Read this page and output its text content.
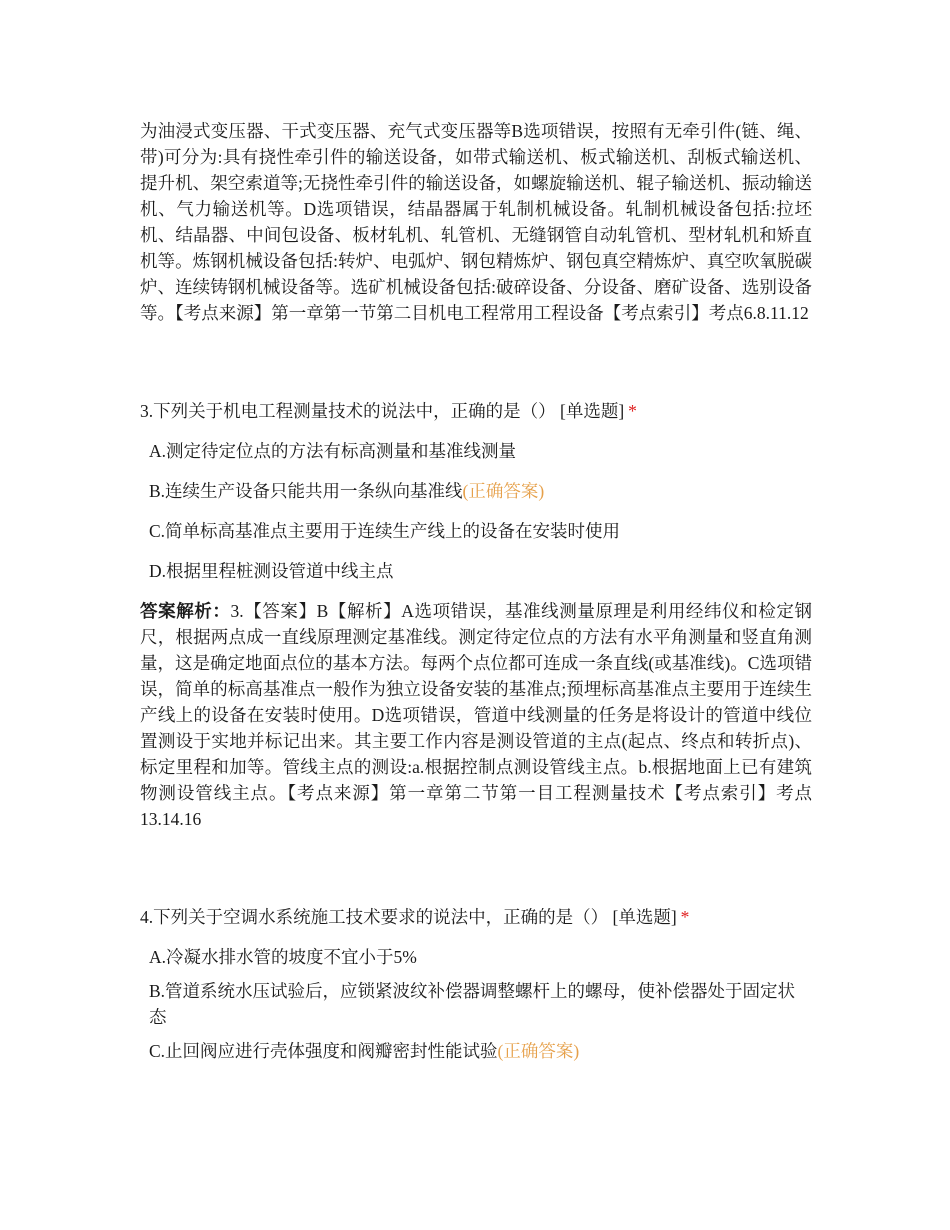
为油浸式变压器、干式变压器、充气式变压器等B选项错误，按照有无牵引件(链、绳、带)可分为:具有挠性牵引件的输送设备，如带式输送机、板式输送机、刮板式输送机、提升机、架空索道等;无挠性牵引件的输送设备，如螺旋输送机、辊子输送机、振动输送机、气力输送机等。D选项错误，结晶器属于轧制机械设备。轧制机械设备包括:拉坯机、结晶器、中间包设备、板材轧机、轧管机、无缝钢管自动轧管机、型材轧机和矫直机等。炼钢机械设备包括:转炉、电弧炉、钢包精炼炉、钢包真空精炼炉、真空吹氧脱碳炉、连续铸钢机械设备等。选矿机械设备包括:破碎设备、分设备、磨矿设备、选别设备等。【考点来源】第一章第一节第二目机电工程常用工程设备【考点索引】考点6.8.11.12

3.下列关于机电工程测量技术的说法中，正确的是（） [单选题] *

A.测定待定位点的方法有标高测量和基准线测量
B.连续生产设备只能共用一条纵向基准线(正确答案)
C.简单标高基准点主要用于连续生产线上的设备在安装时使用
D.根据里程桩测设管道中线主点

答案解析：3.【答案】B【解析】A选项错误，基准线测量原理是利用经纬仪和检定钢尺，根据两点成一直线原理测定基准线。测定待定位点的方法有水平角测量和竖直角测量，这是确定地面点位的基本方法。每两个点位都可连成一条直线(或基准线)。C选项错误，简单的标高基准点一般作为独立设备安装的基准点;预埋标高基准点主要用于连续生产线上的设备在安装时使用。D选项错误，管道中线测量的任务是将设计的管道中线位置测设于实地并标记出来。其主要工作内容是测设管道的主点(起点、终点和转折点)、标定里程和加等。管线主点的测设:a.根据控制点测设管线主点。b.根据地面上已有建筑物测设管线主点。【考点来源】第一章第二节第一目工程测量技术【考点索引】考点13.14.16

4.下列关于空调水系统施工技术要求的说法中，正确的是（） [单选题] *

A.冷凝水排水管的坡度不宜小于5%
B.管道系统水压试验后，应锁紧波纹补偿器调整螺杆上的螺母，使补偿器处于固定状态
C.止回阀应进行壳体强度和阀瓣密封性能试验(正确答案)
